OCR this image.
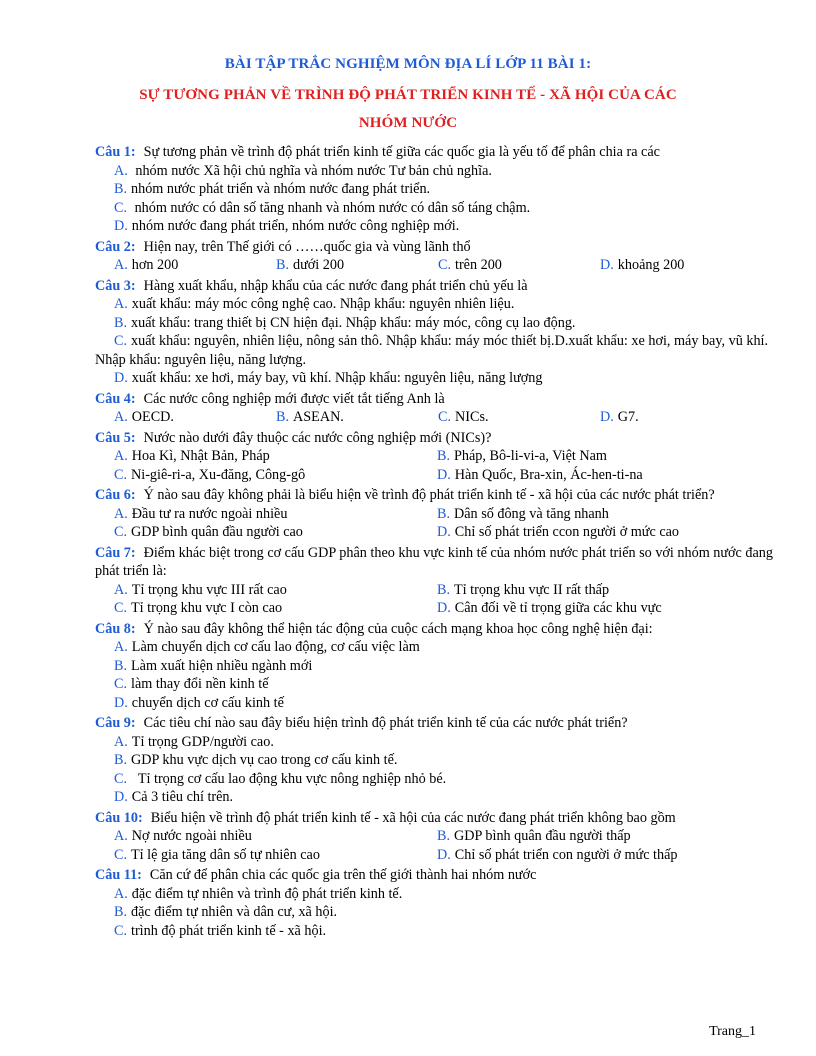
BÀI TẬP TRẮC NGHIỆM MÔN ĐỊA LÍ LỚP 11 BÀI 1:
SỰ TƯƠNG PHẢN VỀ TRÌNH ĐỘ PHÁT TRIỂN KINH TẾ - XÃ HỘI CỦA CÁC
NHÓM NƯỚC
Câu 1: Sự tương phản về trình độ phát triển kinh tế giữa các quốc gia là yếu tố để phân chia ra các
A. nhóm nước Xã hội chủ nghĩa và nhóm nước Tư bản chủ nghĩa.
B. nhóm nước phát triển và nhóm nước đang phát triển.
C. nhóm nước có dân số tăng nhanh và nhóm nước có dân số táng chậm.
D. nhóm nước đang phát triển, nhóm nước công nghiệp mới.
Câu 2: Hiện nay, trên Thế giới có ……quốc gia và vùng lãnh thổ
A. hơn 200	B. dưới 200	C. trên 200	D. khoảng 200
Câu 3: Hàng xuất khẩu, nhập khẩu của các nước đang phát triển chủ yếu là
A. xuất khẩu: máy móc công nghệ cao. Nhập khẩu: nguyên nhiên liệu.
B. xuất khẩu: trang thiết bị CN hiện đại. Nhập khẩu: máy móc, công cụ lao động.
C. xuất khẩu: nguyên, nhiên liệu, nông sản thô. Nhập khẩu: máy móc thiết bị.D.xuất khẩu: xe hơi, máy bay, vũ khí. Nhập khẩu: nguyên liệu, năng lượng.
D. xuất khẩu: xe hơi, máy bay, vũ khí. Nhập khẩu: nguyên liệu, năng lượng
Câu 4: Các nước công nghiệp mới được viết tắt tiếng Anh là
A. OECD.	B. ASEAN.	C. NICs.	D. G7.
Câu 5: Nước nào dưới đây thuộc các nước công nghiệp mới (NICs)?
A. Hoa Kì, Nhật Bản, Pháp	B. Pháp, Bô-li-vi-a, Việt Nam
C. Ni-giê-ri-a, Xu-đăng, Công-gô	D. Hàn Quốc, Bra-xin, Ác-hen-ti-na
Câu 6: Ý nào sau đây không phải là biểu hiện về trình độ phát triển kinh tế - xã hội của các nước phát triển?
A. Đầu tư ra nước ngoài nhiều	B. Dân số đông và tăng nhanh
C. GDP bình quân đầu người cao	D. Chỉ số phát triển ccon người ở mức cao
Câu 7: Điểm khác biệt trong cơ cấu GDP phân theo khu vực kinh tế của nhóm nước phát triển so với nhóm nước đang phát triển là:
A. Tỉ trọng khu vực III rất cao	B. Tỉ trọng khu vực II rất thấp
C. Tỉ trọng khu vực I còn cao	D. Cân đối về tỉ trọng giữa các khu vực
Câu 8: Ý nào sau đây không thể hiện tác động của cuộc cách mạng khoa học công nghệ hiện đại:
A. Làm chuyển dịch cơ cấu lao động, cơ cấu việc làm
B. Làm xuất hiện nhiều ngành mới
C. làm thay đổi nền kinh tế
D. chuyển dịch cơ cấu kinh tế
Câu 9: Các tiêu chí nào sau đây biểu hiện trình độ phát triển kinh tế của các nước phát triển?
A. Tỉ trọng GDP/người cao.
B. GDP khu vực dịch vụ cao trong cơ cấu kinh tế.
C.  Tỉ trọng cơ cấu lao động khu vực nông nghiệp nhỏ bé.
D. Cả 3 tiêu chí trên.
Câu 10: Biểu hiện về trình độ phát triển kinh tế - xã hội của các nước đang phát triển không bao gồm
A. Nợ nước ngoài nhiều	B. GDP bình quân đầu người thấp
C. Tỉ lệ gia tăng dân số tự nhiên cao	D. Chỉ số phát triển con người ở mức thấp
Câu 11: Căn cứ để phân chia các quốc gia trên thế giới thành hai nhóm nước
A. đặc điểm tự nhiên và trình độ phát triển kinh tế.
B. đặc điểm tự nhiên và dân cư, xã hội.
C. trình độ phát triển kinh tế - xã hội.
Trang_1
